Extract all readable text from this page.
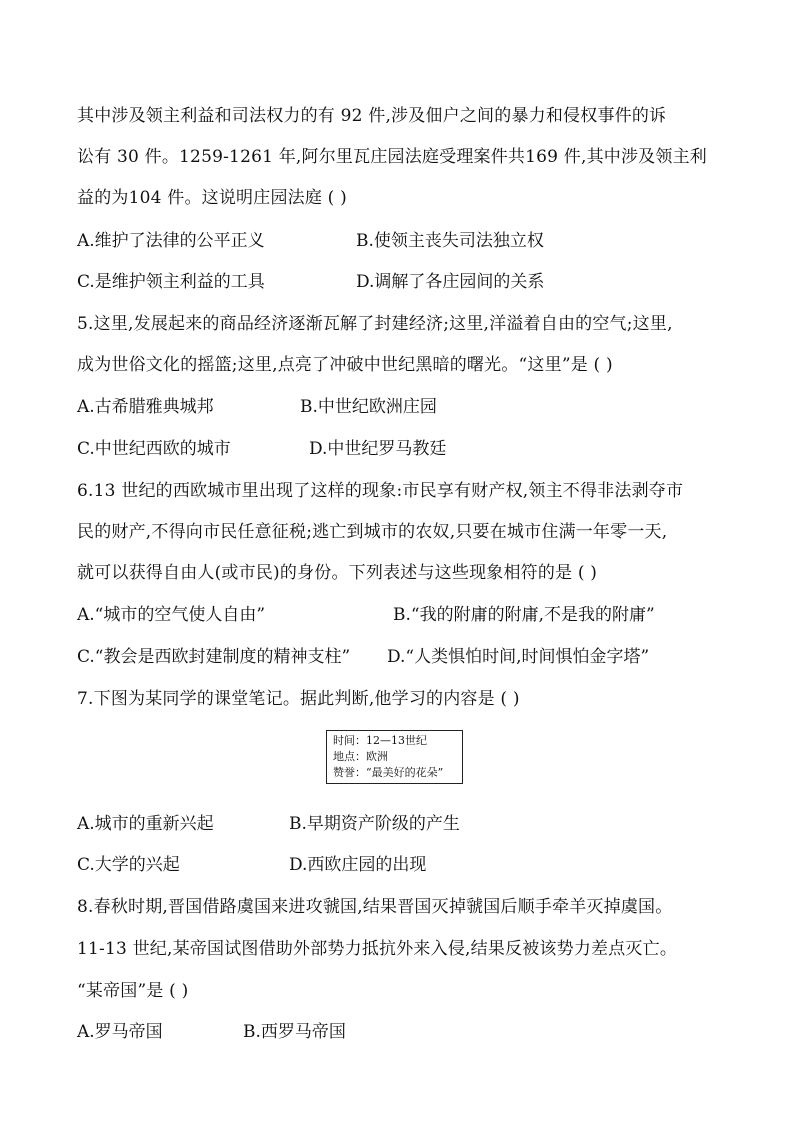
其中涉及领主利益和司法权力的有 92 件,涉及佃户之间的暴力和侵权事件的诉
讼有 30 件。1259-1261 年,阿尔里瓦庄园法庭受理案件共169 件,其中涉及领主利
益的为104 件。这说明庄园法庭 ( )
A.维护了法律的公平正义	B.使领主丧失司法独立权
C.是维护领主利益的工具	D.调解了各庄园间的关系
5.这里,发展起来的商品经济逐渐瓦解了封建经济;这里,洋溢着自由的空气;这里,
成为世俗文化的摇篮;这里,点亮了冲破中世纪黑暗的曙光。“这里”是 ( )
A.古希腊雅典城邦	B.中世纪欧洲庄园
C.中世纪西欧的城市	D.中世纪罗马教廷
6.13 世纪的西欧城市里出现了这样的现象:市民享有财产权,领主不得非法剥夺市
民的财产,不得向市民任意征税;逃亡到城市的农奴,只要在城市住满一年零一天,
就可以获得自由人(或市民)的身份。下列表述与这些现象相符的是 ( )
A.“城市的空气使人自由”	B.“我的附庸的附庸,不是我的附庸”
C.“教会是西欧封建制度的精神支柱” D.“人类惧怕时间,时间惧怕金字塔”
7.下图为某同学的课堂笔记。据此判断,他学习的内容是 ( )
时间：12—13世纪
地点：欧洲
赞誉：“最美好的花朵”
A.城市的重新兴起	B.早期资产阶级的产生
C.大学的兴起	D.西欧庄园的出现
8.春秋时期,晋国借路虞国来进攻虢国,结果晋国灭掉虢国后顺手牵羊灭掉虞国。
11-13 世纪,某帝国试图借助外部势力抵抗外来入侵,结果反被该势力差点灭亡。
“某帝国”是 ( )
A.罗马帝国	B.西罗马帝国
